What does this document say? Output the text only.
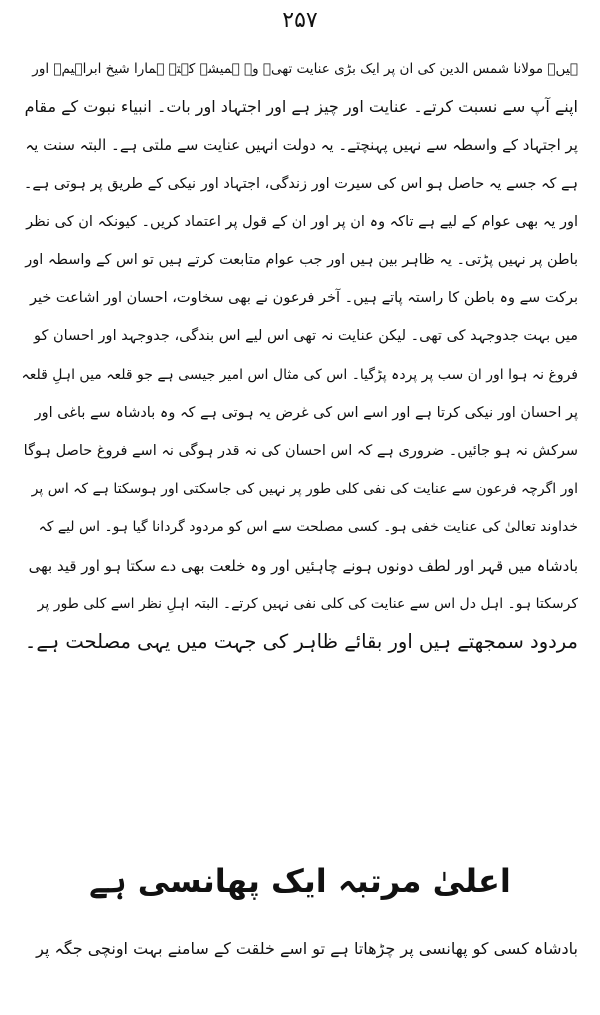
۲۵۷
ہیں۔ مولانا شمس الدین کی ان پر ایک بڑی عنایت تھی۔ وہ ہمیشہ کہتے ہمارا شیخ ابراہیمؒ اور
اپنے آپ سے نسبت کرتے۔ عنایت اور چیز ہے اور اجتہاد اور بات۔ انبیاء نبوت کے مقام
پر اجتہاد کے واسطہ سے نہیں پہنچتے۔ یہ دولت انہیں عنایت سے ملتی ہے۔ البتہ سنت یہ
ہے کہ جسے یہ حاصل ہو اس کی سیرت اور زندگی، اجتہاد اور نیکی کے طریق پر ہوتی ہے۔
اور یہ بھی عوام کے لیے ہے تاکہ وہ ان پر اور ان کے قول پر اعتماد کریں۔ کیونکہ ان کی نظر
باطن پر نہیں پڑتی۔ یہ ظاہر بین ہیں اور جب عوام متابعت کرتے ہیں تو اس کے واسطہ اور
برکت سے وہ باطن کا راستہ پاتے ہیں۔ آخر فرعون نے بھی سخاوت، احسان اور اشاعت خیر
میں بہت جدوجہد کی تھی۔ لیکن عنایت نہ تھی اس لیے اس بندگی، جدوجہد اور احسان کو
فروغ نہ ہوا اور ان سب پر پردہ پڑگیا۔ اس کی مثال اس امیر جیسی ہے جو قلعہ میں اہلِ قلعہ
پر احسان اور نیکی کرتا ہے اور اسے اس کی غرض یہ ہوتی ہے کہ وہ بادشاہ سے باغی اور
سرکش نہ ہو جائیں۔ ضروری ہے کہ اس احسان کی نہ قدر ہوگی نہ اسے فروغ حاصل ہوگا
اور اگرچہ فرعون سے عنایت کی نفی کلی طور پر نہیں کی جاسکتی اور ہوسکتا ہے کہ اس پر
خداوند تعالیٰ کی عنایت خفی ہو۔ کسی مصلحت سے اس کو مردود گردانا گیا ہو۔ اس لیے کہ
بادشاہ میں قہر اور لطف دونوں ہونے چاہئیں اور وہ خلعت بھی دے سکتا ہو اور قید بھی
کرسکتا ہو۔ اہل دل اس سے عنایت کی کلی نفی نہیں کرتے۔ البتہ اہلِ نظر اسے کلی طور پر
مردود سمجھتے ہیں اور بقائے ظاہر کی جہت میں یہی مصلحت ہے۔
اعلیٰ مرتبہ ایک پھانسی ہے
بادشاہ کسی کو پھانسی پر چڑھاتا ہے تو اسے خلقت کے سامنے بہت اونچی جگہ پر
